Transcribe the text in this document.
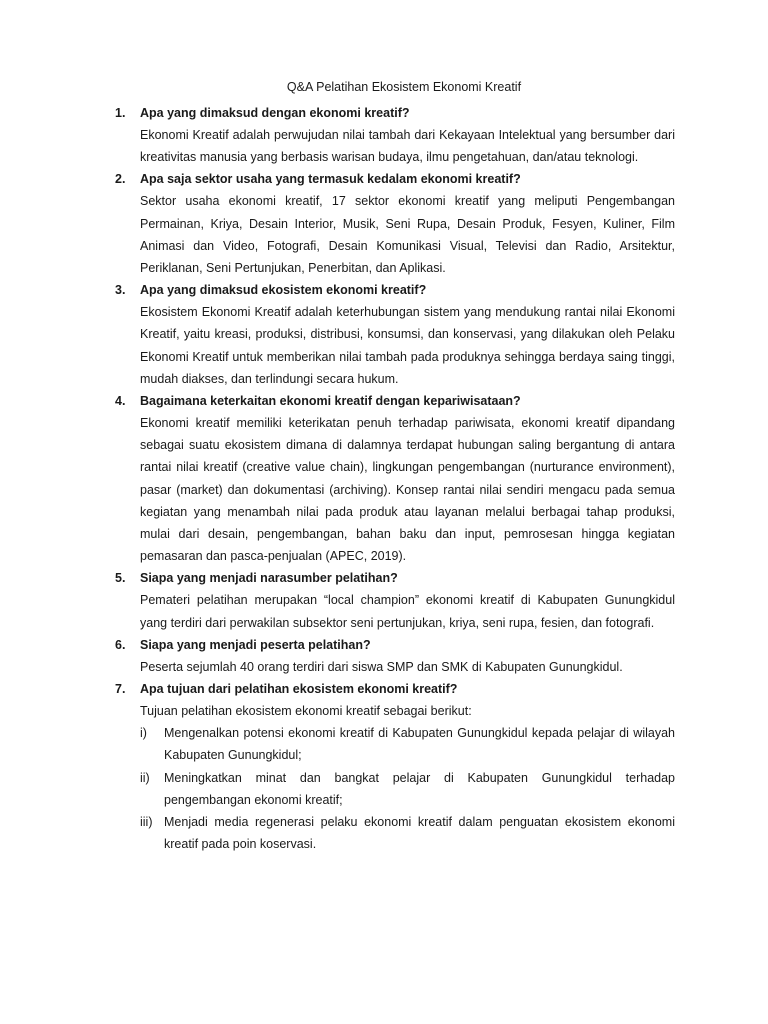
Q&A Pelatihan Ekosistem Ekonomi Kreatif
1. Apa yang dimaksud dengan ekonomi kreatif?
Ekonomi Kreatif adalah perwujudan nilai tambah dari Kekayaan Intelektual yang bersumber dari kreativitas manusia yang berbasis warisan budaya, ilmu pengetahuan, dan/atau teknologi.
2. Apa saja sektor usaha yang termasuk kedalam ekonomi kreatif?
Sektor usaha ekonomi kreatif, 17 sektor ekonomi kreatif yang meliputi Pengembangan Permainan, Kriya, Desain Interior, Musik, Seni Rupa, Desain Produk, Fesyen, Kuliner, Film Animasi dan Video, Fotografi, Desain Komunikasi Visual, Televisi dan Radio, Arsitektur, Periklanan, Seni Pertunjukan, Penerbitan, dan Aplikasi.
3. Apa yang dimaksud ekosistem ekonomi kreatif?
Ekosistem Ekonomi Kreatif adalah keterhubungan sistem yang mendukung rantai nilai Ekonomi Kreatif, yaitu kreasi, produksi, distribusi, konsumsi, dan konservasi, yang dilakukan oleh Pelaku Ekonomi Kreatif untuk memberikan nilai tambah pada produknya sehingga berdaya saing tinggi, mudah diakses, dan terlindungi secara hukum.
4. Bagaimana keterkaitan ekonomi kreatif dengan kepariwisataan?
Ekonomi kreatif memiliki keterikatan penuh terhadap pariwisata, ekonomi kreatif dipandang sebagai suatu ekosistem dimana di dalamnya terdapat hubungan saling bergantung di antara rantai nilai kreatif (creative value chain), lingkungan pengembangan (nurturance environment), pasar (market) dan dokumentasi (archiving). Konsep rantai nilai sendiri mengacu pada semua kegiatan yang menambah nilai pada produk atau layanan melalui berbagai tahap produksi, mulai dari desain, pengembangan, bahan baku dan input, pemrosesan hingga kegiatan pemasaran dan pasca-penjualan (APEC, 2019).
5. Siapa yang menjadi narasumber pelatihan?
Pemateri pelatihan merupakan “local champion” ekonomi kreatif di Kabupaten Gunungkidul yang terdiri dari perwakilan subsektor seni pertunjukan, kriya, seni rupa, fesien, dan fotografi.
6. Siapa yang menjadi peserta pelatihan?
Peserta sejumlah 40 orang terdiri dari siswa SMP dan SMK di Kabupaten Gunungkidul.
7. Apa tujuan dari pelatihan ekosistem ekonomi kreatif?
Tujuan pelatihan ekosistem ekonomi kreatif sebagai berikut:
i) Mengenalkan potensi ekonomi kreatif di Kabupaten Gunungkidul kepada pelajar di wilayah Kabupaten Gunungkidul;
ii) Meningkatkan minat dan bangkat pelajar di Kabupaten Gunungkidul terhadap pengembangan ekonomi kreatif;
iii) Menjadi media regenerasi pelaku ekonomi kreatif dalam penguatan ekosistem ekonomi kreatif pada poin koservasi.
